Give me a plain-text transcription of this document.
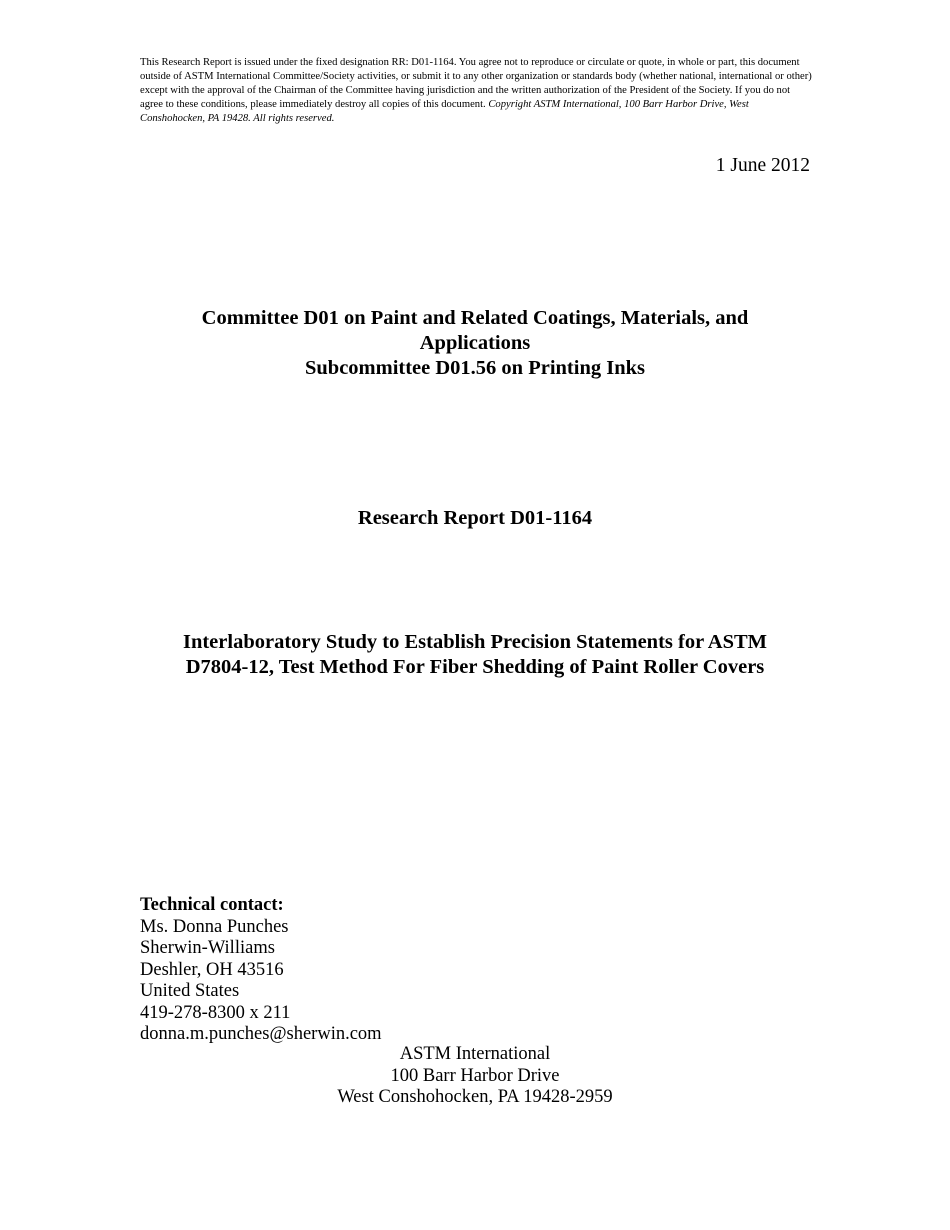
This Research Report is issued under the fixed designation RR: D01-1164. You agree not to reproduce or circulate or quote, in whole or part, this document outside of ASTM International Committee/Society activities, or submit it to any other organization or standards body (whether national, international or other) except with the approval of the Chairman of the Committee having jurisdiction and the written authorization of the President of the Society. If you do not agree to these conditions, please immediately destroy all copies of this document. Copyright ASTM International, 100 Barr Harbor Drive, West Conshohocken, PA 19428. All rights reserved.
1 June 2012
Committee D01 on Paint and Related Coatings, Materials, and
Applications
Subcommittee D01.56 on Printing Inks
Research Report D01-1164
Interlaboratory Study to Establish Precision Statements for ASTM
D7804-12, Test Method For Fiber Shedding of Paint Roller Covers
Technical contact:
Ms. Donna Punches
Sherwin-Williams
Deshler, OH 43516
United States
419-278-8300 x 211
donna.m.punches@sherwin.com
ASTM International
100 Barr Harbor Drive
West Conshohocken, PA 19428-2959
